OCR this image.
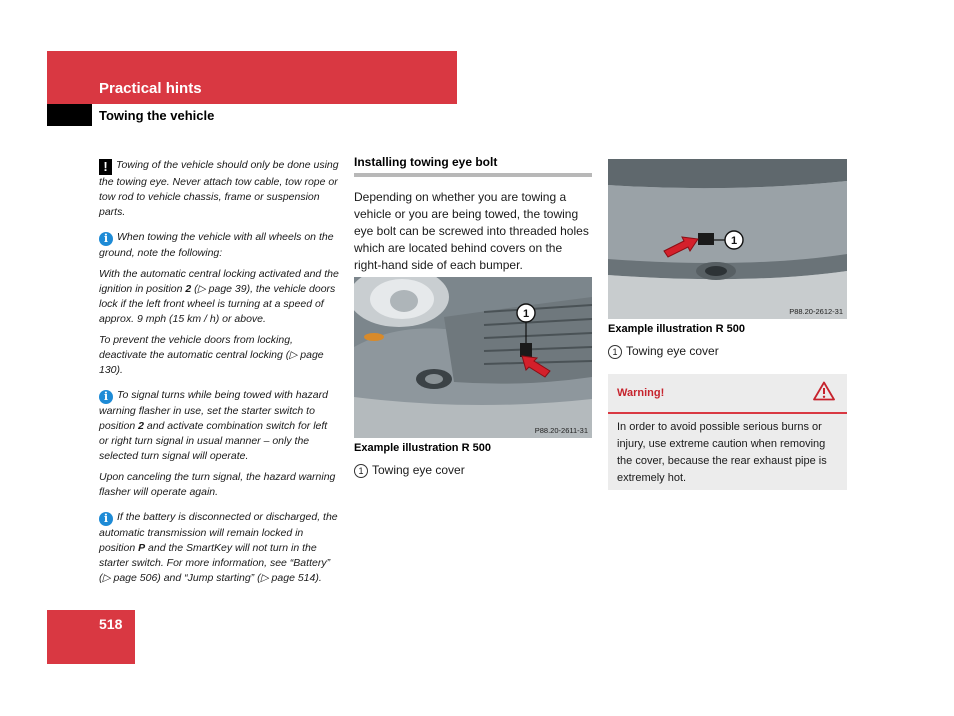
Practical hints
Towing the vehicle

! Towing of the vehicle should only be done using the towing eye. Never attach tow cable, tow rope or tow rod to vehicle chassis, frame or suspension parts.

i When towing the vehicle with all wheels on the ground, note the following:

With the automatic central locking activated and the ignition in position 2 (▷ page 39), the vehicle doors lock if the left front wheel is turning at a speed of approx. 9 mph (15 km / h) or above.

To prevent the vehicle doors from locking, deactivate the automatic central locking (▷ page 130).

i To signal turns while being towed with hazard warning flasher in use, set the starter switch to position 2 and activate combination switch for left or right turn signal in usual manner – only the selected turn signal will operate.

Upon canceling the turn signal, the hazard warning flasher will operate again.

i If the battery is disconnected or discharged, the automatic transmission will remain locked in position P and the SmartKey will not turn in the starter switch. For more information, see “Battery” (▷ page 506) and “Jump starting” (▷ page 514).

Installing towing eye bolt
Depending on whether you are towing a vehicle or you are being towed, the towing eye bolt can be screwed into threaded holes which are located behind covers on the right-hand side of each bumper.
1
P88.20-2611-31
Example illustration R 500
1 Towing eye cover
1
P88.20-2612-31
Example illustration R 500
1 Towing eye cover
Warning!
In order to avoid possible serious burns or injury, use extreme caution when removing the cover, because the rear exhaust pipe is extremely hot.
518
